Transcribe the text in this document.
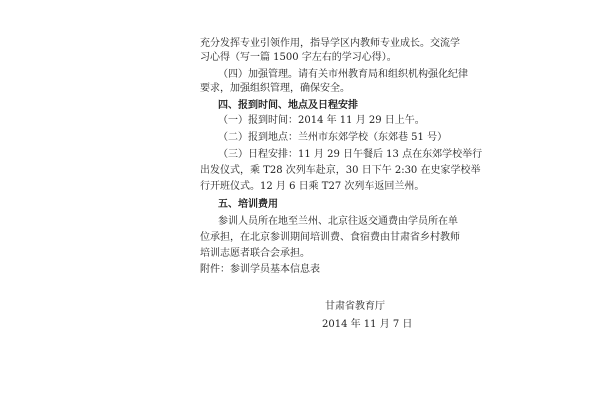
充分发挥专业引领作用，指导学区内教师专业成长。交流学
习心得（写一篇 1500 字左右的学习心得）。
（四）加强管理。请有关市州教育局和组织机构强化纪律
要求，加强组织管理，确保安全。
四、报到时间、地点及日程安排
（一）报到时间：2014 年 11 月 29 日上午。
（二）报到地点：兰州市东郊学校（东郊巷 51 号）
（三）日程安排：11 月 29 日午餐后 13 点在东郊学校举行
出发仪式，乘 T28 次列车赴京，30 日下午 2:30 在史家学校举
行开班仪式。12 月 6 日乘 T27 次列车返回兰州。
五、培训费用
参训人员所在地至兰州、北京往返交通费由学员所在单
位承担，在北京参训期间培训费、食宿费由甘肃省乡村教师
培训志愿者联合会承担。
附件：参训学员基本信息表
甘肃省教育厅
2014 年 11 月 7 日
